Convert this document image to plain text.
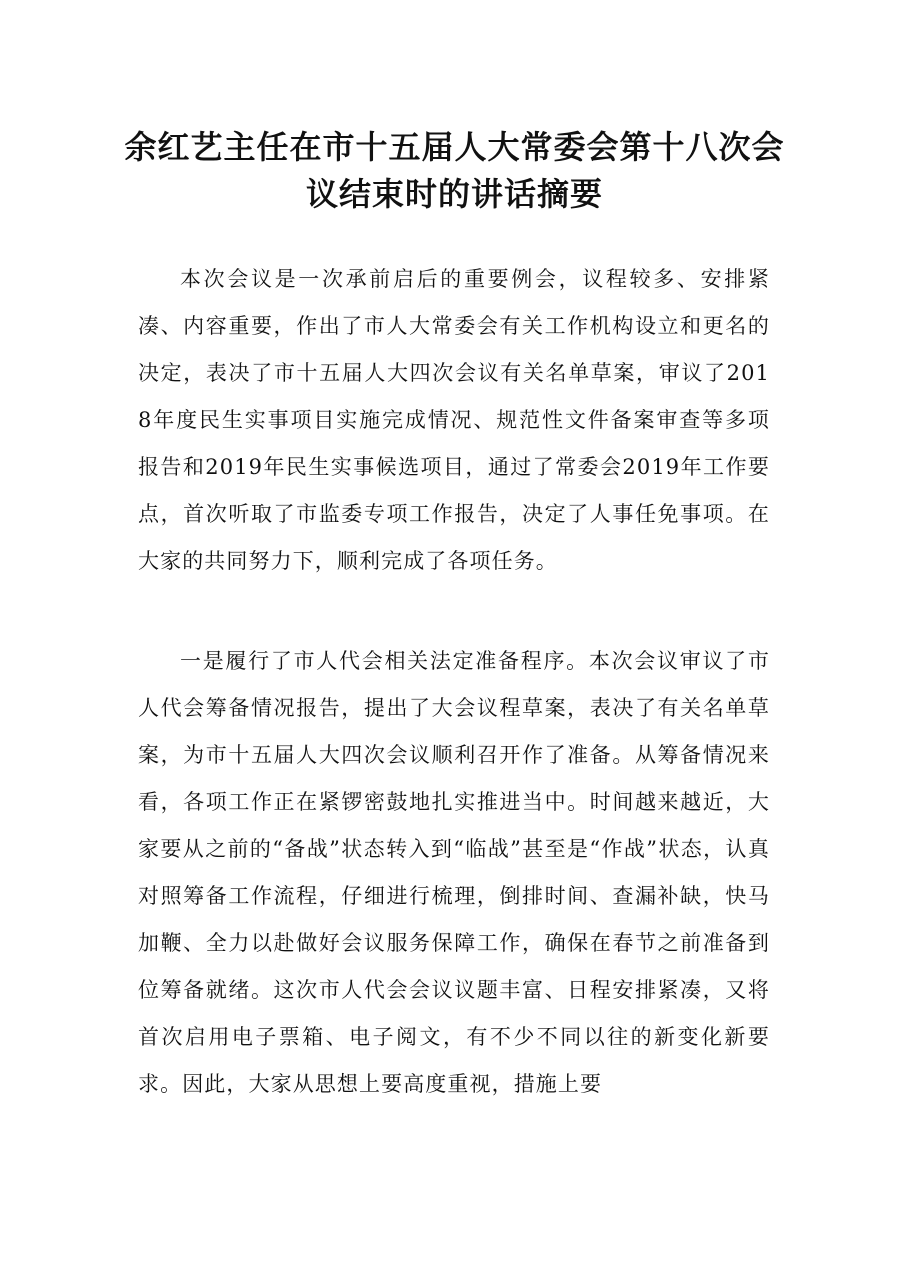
余红艺主任在市十五届人大常委会第十八次会议结束时的讲话摘要

本次会议是一次承前启后的重要例会，议程较多、安排紧凑、内容重要，作出了市人大常委会有关工作机构设立和更名的决定，表决了市十五届人大四次会议有关名单草案，审议了2018年度民生实事项目实施完成情况、规范性文件备案审查等多项报告和2019年民生实事候选项目，通过了常委会2019年工作要点，首次听取了市监委专项工作报告，决定了人事任免事项。在大家的共同努力下，顺利完成了各项任务。

一是履行了市人代会相关法定准备程序。本次会议审议了市人代会筹备情况报告，提出了大会议程草案，表决了有关名单草案，为市十五届人大四次会议顺利召开作了准备。从筹备情况来看，各项工作正在紧锣密鼓地扎实推进当中。时间越来越近，大家要从之前的“备战”状态转入到“临战”甚至是“作战”状态，认真对照筹备工作流程，仔细进行梳理，倒排时间、查漏补缺，快马加鞭、全力以赴做好会议服务保障工作，确保在春节之前准备到位筹备就绪。这次市人代会会议议题丰富、日程安排紧凑，又将首次启用电子票箱、电子阅文，有不少不同以往的新变化新要求。因此，大家从思想上要高度重视，措施上要
